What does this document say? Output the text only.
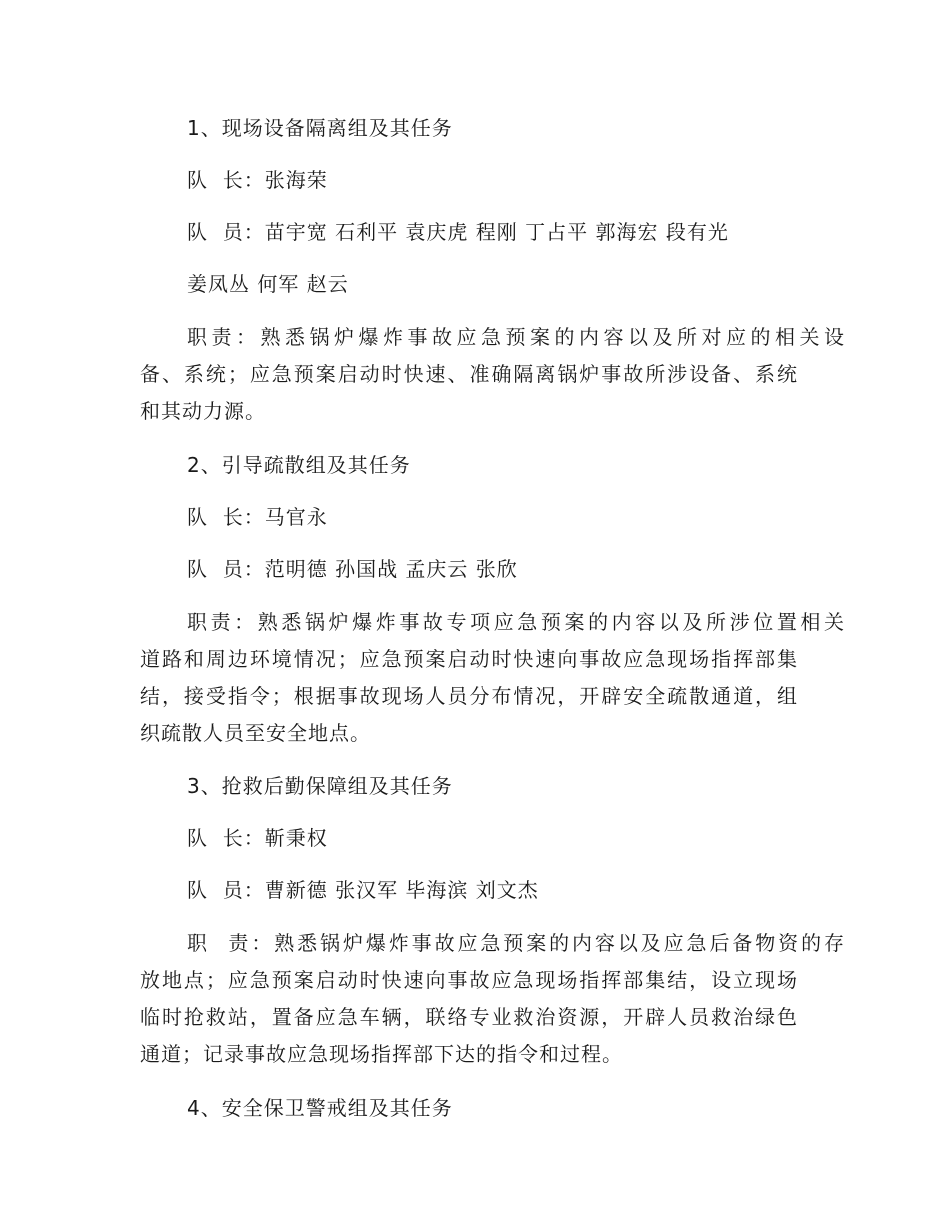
1、现场设备隔离组及其任务
队  长：张海荣
队  员：苗宇宽 石利平 袁庆虎 程刚 丁占平 郭海宏 段有光
姜凤丛 何军 赵云
职责：熟悉锅炉爆炸事故应急预案的内容以及所对应的相关设
备、系统；应急预案启动时快速、准确隔离锅炉事故所涉设备、系统
和其动力源。
2、引导疏散组及其任务
队  长：马官永
队  员：范明德 孙国战 孟庆云 张欣
职责：熟悉锅炉爆炸事故专项应急预案的内容以及所涉位置相关
道路和周边环境情况；应急预案启动时快速向事故应急现场指挥部集
结，接受指令；根据事故现场人员分布情况，开辟安全疏散通道，组
织疏散人员至安全地点。
3、抢救后勤保障组及其任务
队  长：靳秉权
队  员：曹新德 张汉军 毕海滨 刘文杰
职  责：熟悉锅炉爆炸事故应急预案的内容以及应急后备物资的存
放地点；应急预案启动时快速向事故应急现场指挥部集结，设立现场
临时抢救站，置备应急车辆，联络专业救治资源，开辟人员救治绿色
通道；记录事故应急现场指挥部下达的指令和过程。
4、安全保卫警戒组及其任务
